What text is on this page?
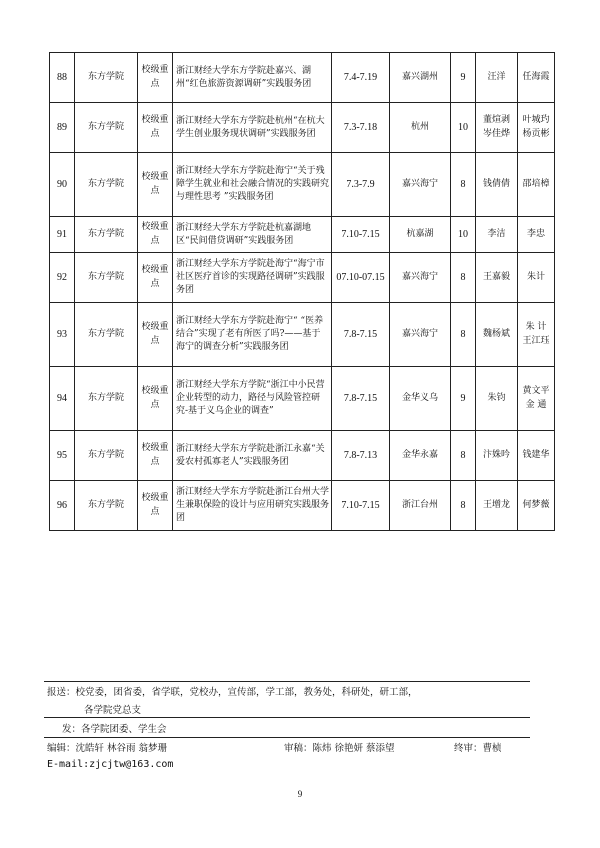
88	东方学院	校级重点	浙江财经大学东方学院赴嘉兴、湖州“红色旅游资源调研”实践服务团	7.4-7.19	嘉兴湖州	9	汪洋	任海霞
89	东方学院	校级重点	浙江财经大学东方学院赴杭州“在杭大学生创业服务现状调研”实践服务团	7.3-7.18	杭州	10	董煊剥 岑佳烨	叶城玓 杨贡彬
90	东方学院	校级重点	浙江财经大学东方学院赴海宁“关于残障学生就业和社会融合情况的实践研究与理性思考 ”实践服务团	7.3-7.9	嘉兴海宁	8	钱倩倩	邵培樟
91	东方学院	校级重点	浙江财经大学东方学院赴杭嘉湖地区“民间借贷调研”实践服务团	7.10-7.15	杭嘉湖	10	李洁	李忠
92	东方学院	校级重点	浙江财经大学东方学院赴海宁“海宁市社区医疗首诊的实现路径调研”实践服务团	07.10-07.15	嘉兴海宁	8	王嘉毅	朱计
93	东方学院	校级重点	浙江财经大学东方学院赴海宁“ “医养结合”实现了老有所医了吗?——基于海宁的调查分析”实践服务团	7.8-7.15	嘉兴海宁	8	魏杨斌	朱 计 王江珏
94	东方学院	校级重点	浙江财经大学东方学院“浙江中小民营企业转型的动力，路径与风险管控研究-基于义乌企业的调查”	7.8-7.15	金华义乌	9	朱钧	黄文平 金 通
95	东方学院	校级重点	浙江财经大学东方学院赴浙江永嘉“关爱农村孤寡老人”实践服务团	7.8-7.13	金华永嘉	8	汴姝吟	钱建华
96	东方学院	校级重点	浙江财经大学东方学院赴浙江台州大学生兼职保险的设计与应用研究实践服务团	7.10-7.15	浙江台州	8	王增龙	何梦薇
报送：校党委，团省委，省学联，党校办，宣传部，学工部，教务处，科研处，研工部，
各学院党总支
发：各学院团委、学生会
编辑：沈皓轩 林谷雨 翁梦珊	审稿：陈炜 徐艳妍 蔡添望	终审：曹桢
E-mail:zjcjtw@163.com
9
